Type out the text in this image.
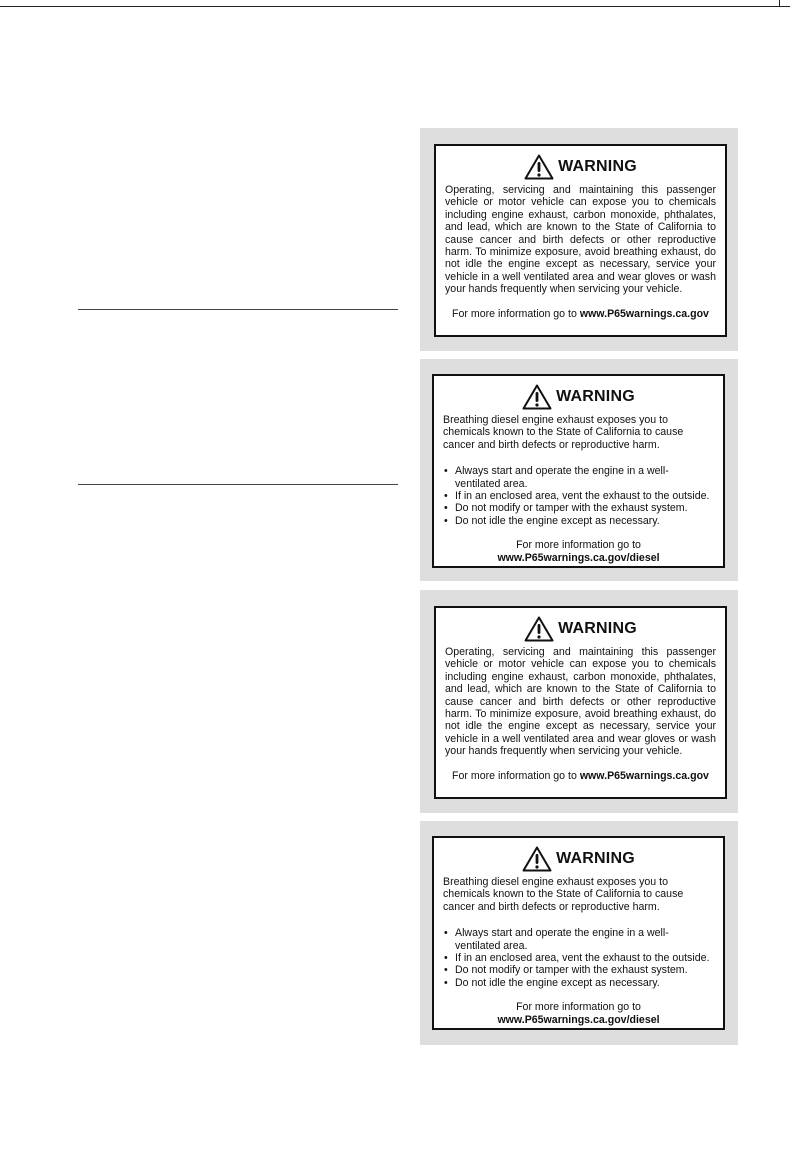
WARNING

Operating, servicing and maintaining this passenger vehicle or motor vehicle can expose you to chemicals including engine exhaust, carbon monoxide, phthalates, and lead, which are known to the State of California to cause cancer and birth defects or other reproductive harm. To minimize exposure, avoid breathing exhaust, do not idle the engine except as necessary, service your vehicle in a well ventilated area and wear gloves or wash your hands frequently when servicing your vehicle.

For more information go to www.P65warnings.ca.gov
WARNING

Breathing diesel engine exhaust exposes you to chemicals known to the State of California to cause cancer and birth defects or reproductive harm.

• Always start and operate the engine in a well-ventilated area.
• If in an enclosed area, vent the exhaust to the outside.
• Do not modify or tamper with the exhaust system.
• Do not idle the engine except as necessary.
For more information go to
www.P65warnings.ca.gov/diesel
WARNING

Operating, servicing and maintaining this passenger vehicle or motor vehicle can expose you to chemicals including engine exhaust, carbon monoxide, phthalates, and lead, which are known to the State of California to cause cancer and birth defects or other reproductive harm. To minimize exposure, avoid breathing exhaust, do not idle the engine except as necessary, service your vehicle in a well ventilated area and wear gloves or wash your hands frequently when servicing your vehicle.

For more information go to www.P65warnings.ca.gov
WARNING

Breathing diesel engine exhaust exposes you to chemicals known to the State of California to cause cancer and birth defects or reproductive harm.

• Always start and operate the engine in a well-ventilated area.
• If in an enclosed area, vent the exhaust to the outside.
• Do not modify or tamper with the exhaust system.
• Do not idle the engine except as necessary.
For more information go to
www.P65warnings.ca.gov/diesel
